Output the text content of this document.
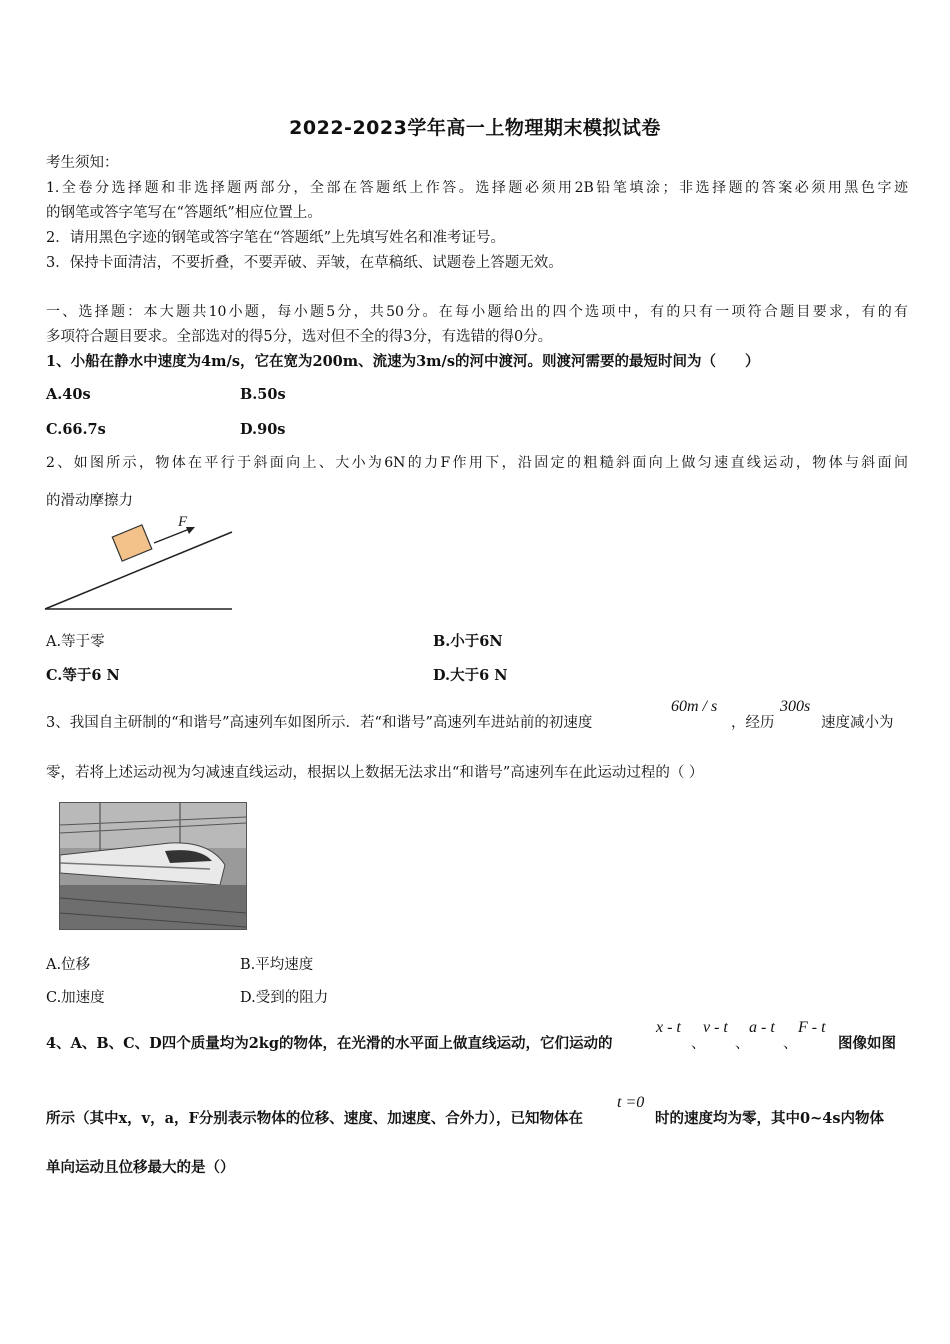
2022-2023学年高一上物理期末模拟试卷
考生须知：
1.全卷分选择题和非选择题两部分，全部在答题纸上作答。选择题必须用2B铅笔填涂；非选择题的答案必须用黑色字迹
的钢笔或答字笔写在“答题纸”相应位置上。
2．请用黑色字迹的钢笔或答字笔在“答题纸”上先填写姓名和准考证号。
3．保持卡面清洁，不要折叠，不要弄破、弄皱，在草稿纸、试题卷上答题无效。
一、选择题：本大题共10小题，每小题5分，共50分。在每小题给出的四个选项中，有的只有一项符合题目要求，有的有
多项符合题目要求。全部选对的得5分，选对但不全的得3分，有选错的得0分。
1、小船在静水中速度为4m/s，它在宽为200m、流速为3m/s的河中渡河。则渡河需要的最短时间为（　　）
A.40s	B.50s
C.66.7s	D.90s
2、如图所示，物体在平行于斜面向上、大小为6N的力F作用下，沿固定的粗糙斜面向上做匀速直线运动，物体与斜面间
的滑动摩擦力
F
A.等于零	B.小于6N
C.等于6 N	D.大于6 N
3、我国自主研制的“和谐号”高速列车如图所示．若“和谐号”高速列车进站前的初速度
60m / s
，经历
300s
速度减小为
零，若将上述运动视为匀减速直线运动，根据以上数据无法求出“和谐号”高速列车在此运动过程的（ ）
A.位移	B.平均速度
C.加速度	D.受到的阻力
4、A、B、C、D四个质量均为2kg的物体，在光滑的水平面上做直线运动，它们运动的
x - t
、
v - t
、
a - t
、
F - t
图像如图
所示（其中x，v，a，F分别表示物体的位移、速度、加速度、合外力），已知物体在
t =0
时的速度均为零，其中0~4s内物体
单向运动且位移最大的是（）
